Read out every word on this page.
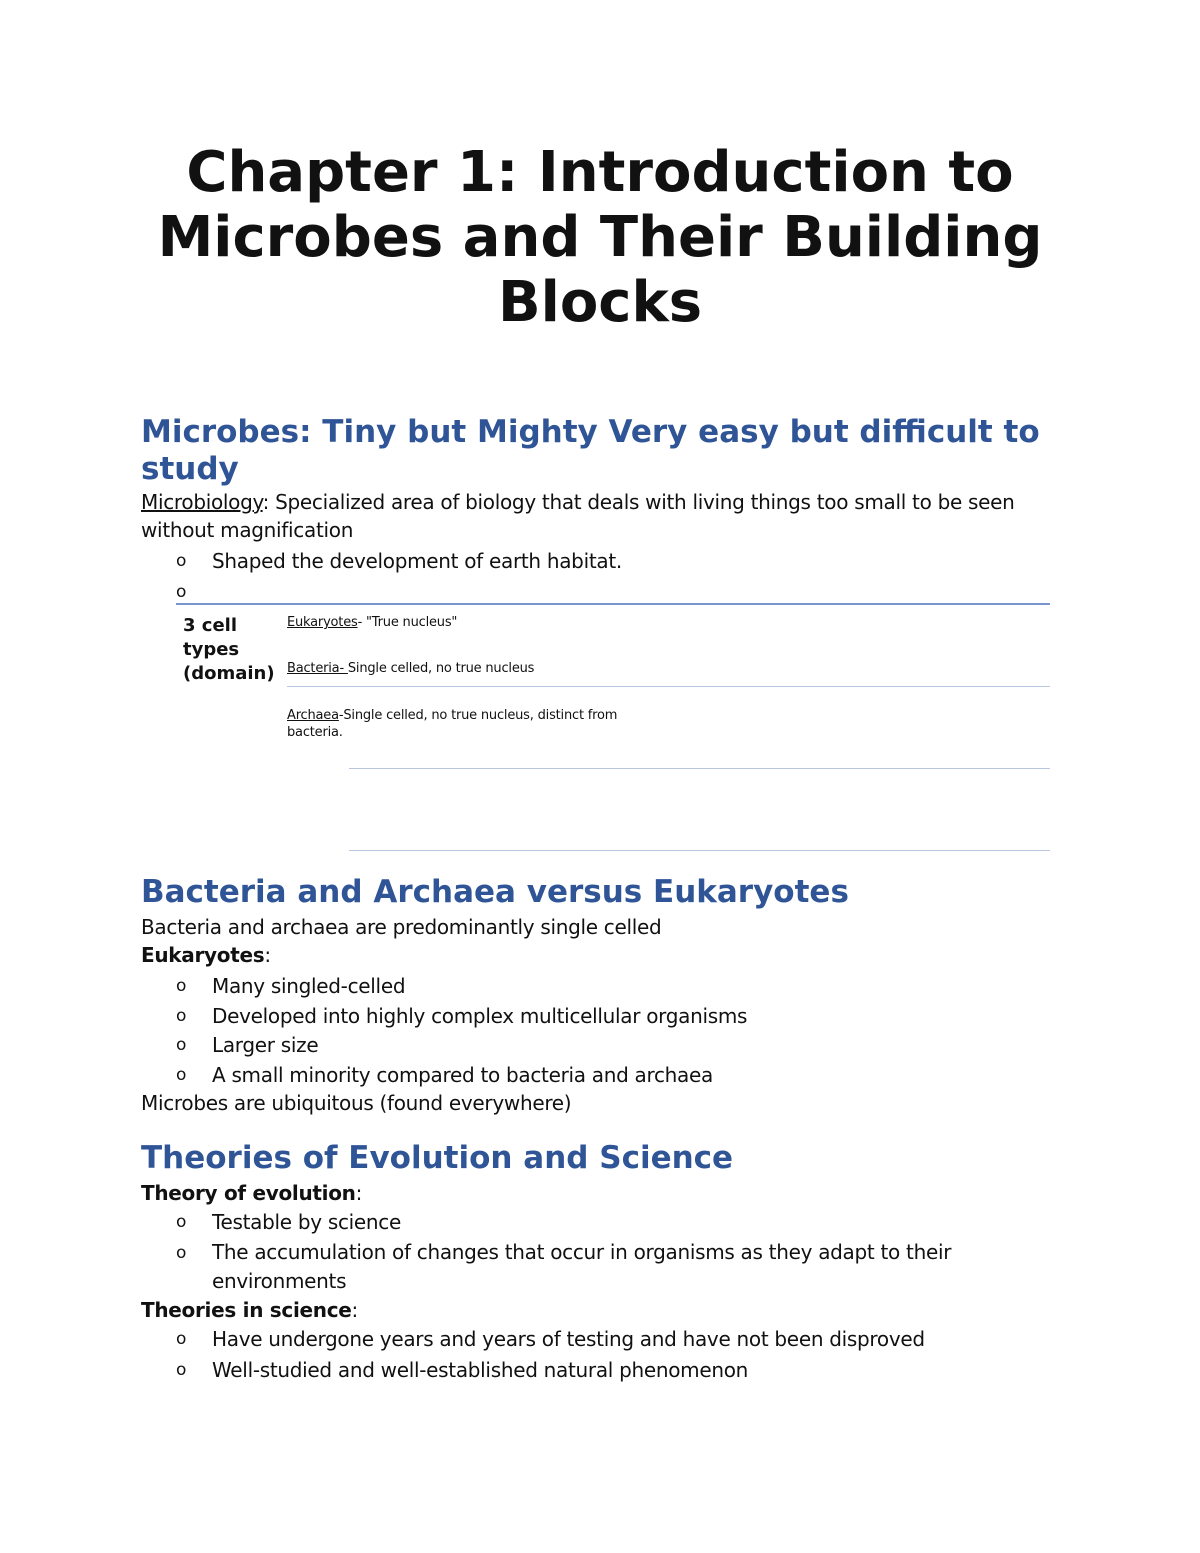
Chapter 1: Introduction to Microbes and Their Building Blocks
Microbes: Tiny but Mighty Very easy but difficult to study
Microbiology: Specialized area of biology that deals with living things too small to be seen without magnification
o Shaped the development of earth habitat.
o
3 cell types (domain)
Eukaryotes- "True nucleus"
Bacteria- Single celled, no true nucleus
Archaea-Single celled, no true nucleus, distinct from bacteria.
Bacteria and Archaea versus Eukaryotes
Bacteria and archaea are predominantly single celled
Eukaryotes:
o Many singled-celled
o Developed into highly complex multicellular organisms
o Larger size
o A small minority compared to bacteria and archaea
Microbes are ubiquitous (found everywhere)
Theories of Evolution and Science
Theory of evolution:
o Testable by science
o The accumulation of changes that occur in organisms as they adapt to their environments
Theories in science:
o Have undergone years and years of testing and have not been disproved
o Well-studied and well-established natural phenomenon
